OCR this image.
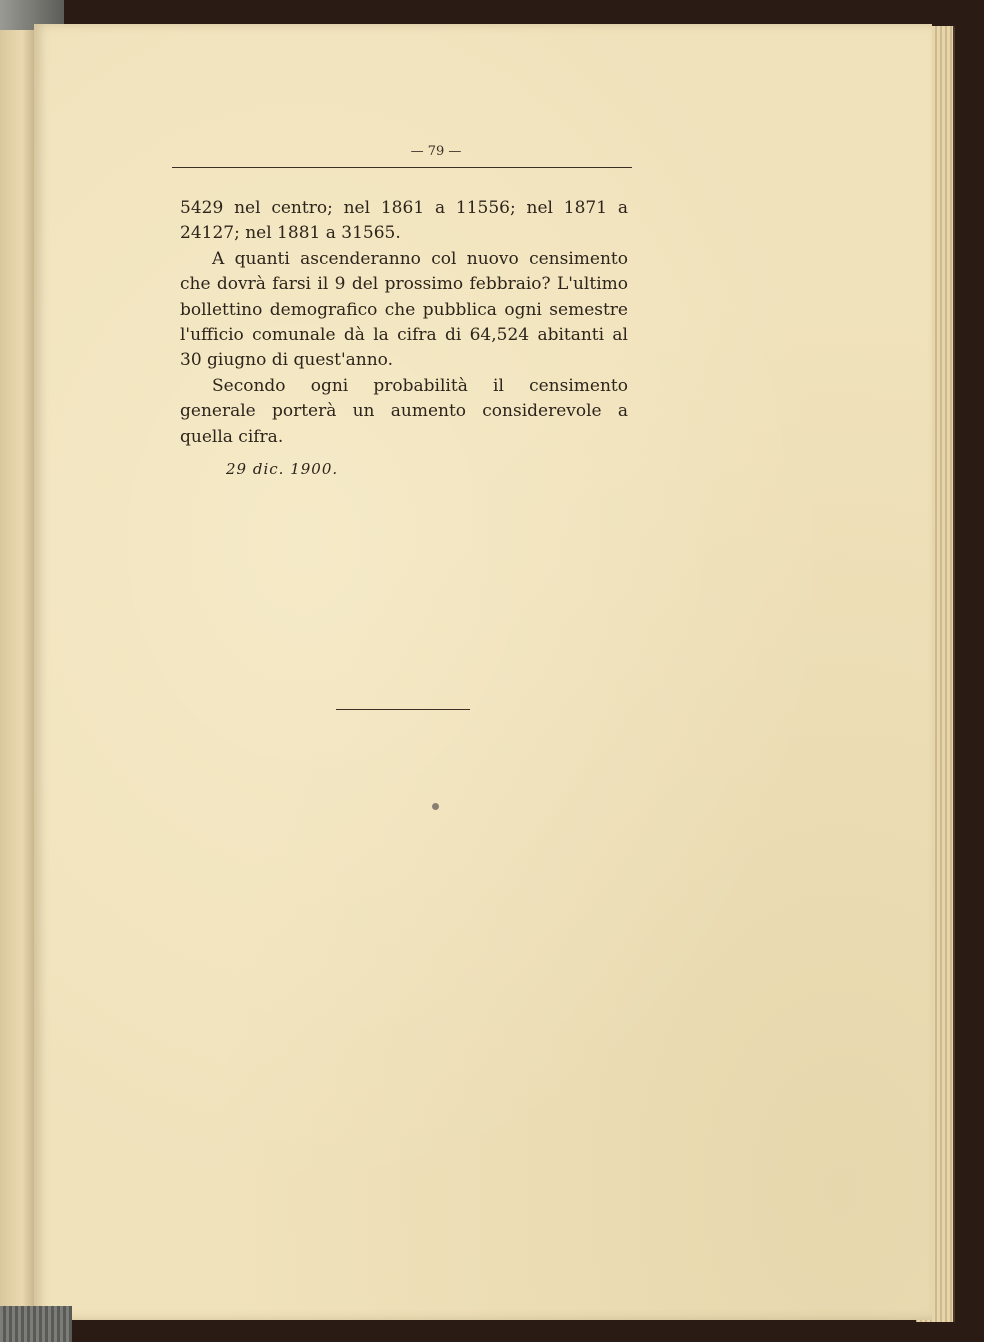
— 79 —

5429 nel centro; nel 1861 a 11556; nel 1871 a 24127; nel 1881 a 31565.

A quanti ascenderanno col nuovo censimento che dovrà farsi il 9 del prossimo febbraio? L'ultimo bollettino demografico che pubblica ogni semestre l'ufficio comunale dà la cifra di 64,524 abitanti al 30 giugno di quest'anno.

Secondo ogni probabilità il censimento generale porterà un aumento considerevole a quella cifra.

29 dic. 1900.
